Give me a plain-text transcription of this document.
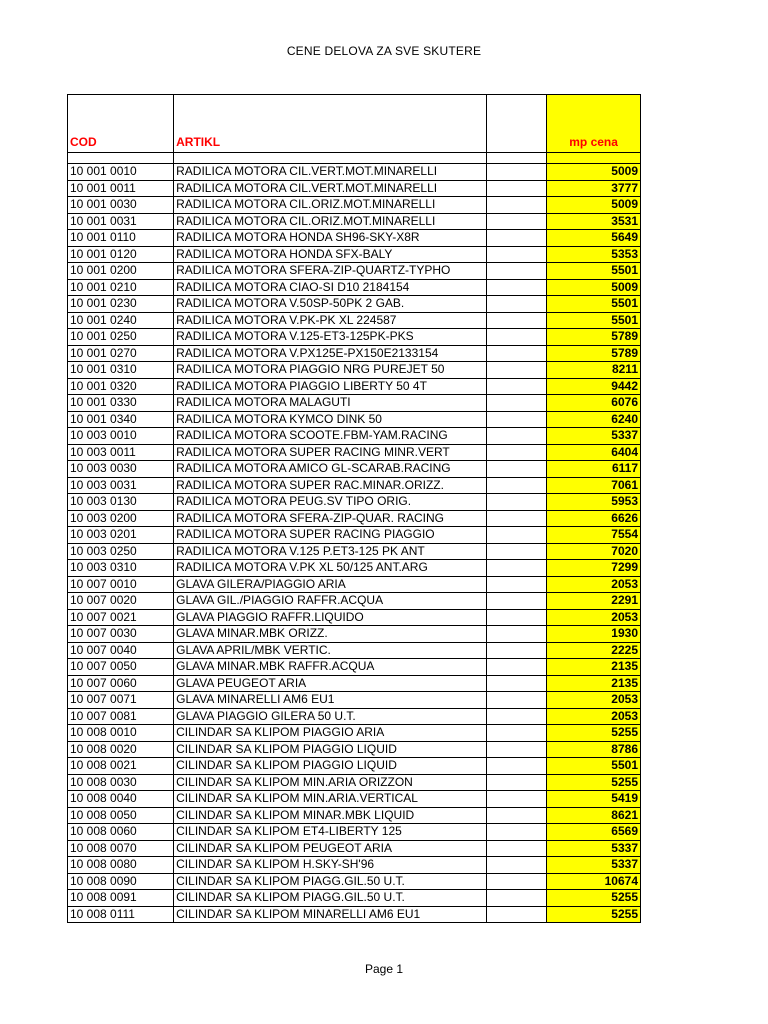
CENE DELOVA ZA SVE SKUTERE
COD	ARTIKL		mp cena

10 001 0010	RADILICA MOTORA CIL.VERT.MOT.MINARELLI		5009
10 001 0011	RADILICA MOTORA CIL.VERT.MOT.MINARELLI		3777
10 001 0030	RADILICA MOTORA CIL.ORIZ.MOT.MINARELLI		5009
10 001 0031	RADILICA MOTORA CIL.ORIZ.MOT.MINARELLI		3531
10 001 0110	RADILICA MOTORA HONDA SH96-SKY-X8R		5649
10 001 0120	RADILICA MOTORA HONDA SFX-BALY		5353
10 001 0200	RADILICA MOTORA SFERA-ZIP-QUARTZ-TYPHO		5501
10 001 0210	RADILICA MOTORA CIAO-SI D10 2184154		5009
10 001 0230	RADILICA MOTORA V.50SP-50PK 2 GAB.		5501
10 001 0240	RADILICA MOTORA V.PK-PK XL 224587		5501
10 001 0250	RADILICA MOTORA V.125-ET3-125PK-PKS		5789
10 001 0270	RADILICA MOTORA V.PX125E-PX150E2133154		5789
10 001 0310	RADILICA MOTORA PIAGGIO NRG PUREJET 50		8211
10 001 0320	RADILICA MOTORA PIAGGIO LIBERTY 50 4T		9442
10 001 0330	RADILICA MOTORA MALAGUTI		6076
10 001 0340	RADILICA MOTORA KYMCO DINK 50		6240
10 003 0010	RADILICA MOTORA SCOOTE.FBM-YAM.RACING		5337
10 003 0011	RADILICA MOTORA SUPER RACING MINR.VERT		6404
10 003 0030	RADILICA MOTORA AMICO GL-SCARAB.RACING		6117
10 003 0031	RADILICA MOTORA SUPER RAC.MINAR.ORIZZ.		7061
10 003 0130	RADILICA MOTORA PEUG.SV TIPO ORIG.		5953
10 003 0200	RADILICA MOTORA SFERA-ZIP-QUAR. RACING		6626
10 003 0201	RADILICA MOTORA SUPER RACING PIAGGIO		7554
10 003 0250	RADILICA MOTORA V.125 P.ET3-125 PK ANT		7020
10 003 0310	RADILICA MOTORA V.PK XL 50/125 ANT.ARG		7299
10 007 0010	GLAVA GILERA/PIAGGIO ARIA		2053
10 007 0020	GLAVA GIL./PIAGGIO RAFFR.ACQUA		2291
10 007 0021	GLAVA PIAGGIO RAFFR.LIQUIDO		2053
10 007 0030	GLAVA MINAR.MBK ORIZZ.		1930
10 007 0040	GLAVA APRIL/MBK VERTIC.		2225
10 007 0050	GLAVA MINAR.MBK RAFFR.ACQUA		2135
10 007 0060	GLAVA PEUGEOT ARIA		2135
10 007 0071	GLAVA MINARELLI AM6 EU1		2053
10 007 0081	GLAVA PIAGGIO GILERA 50 U.T.		2053
10 008 0010	CILINDAR SA KLIPOM PIAGGIO ARIA		5255
10 008 0020	CILINDAR SA KLIPOM PIAGGIO LIQUID		8786
10 008 0021	CILINDAR SA KLIPOM PIAGGIO LIQUID		5501
10 008 0030	CILINDAR SA KLIPOM MIN.ARIA ORIZZON		5255
10 008 0040	CILINDAR SA KLIPOM MIN.ARIA.VERTICAL		5419
10 008 0050	CILINDAR SA KLIPOM MINAR.MBK LIQUID		8621
10 008 0060	CILINDAR SA KLIPOM ET4-LIBERTY 125		6569
10 008 0070	CILINDAR SA KLIPOM PEUGEOT ARIA		5337
10 008 0080	CILINDAR SA KLIPOM H.SKY-SH'96		5337
10 008 0090	CILINDAR SA KLIPOM PIAGG.GIL.50 U.T.		10674
10 008 0091	CILINDAR SA KLIPOM PIAGG.GIL.50 U.T.		5255
10 008 0111	CILINDAR SA KLIPOM MINARELLI AM6 EU1		5255
Page 1
